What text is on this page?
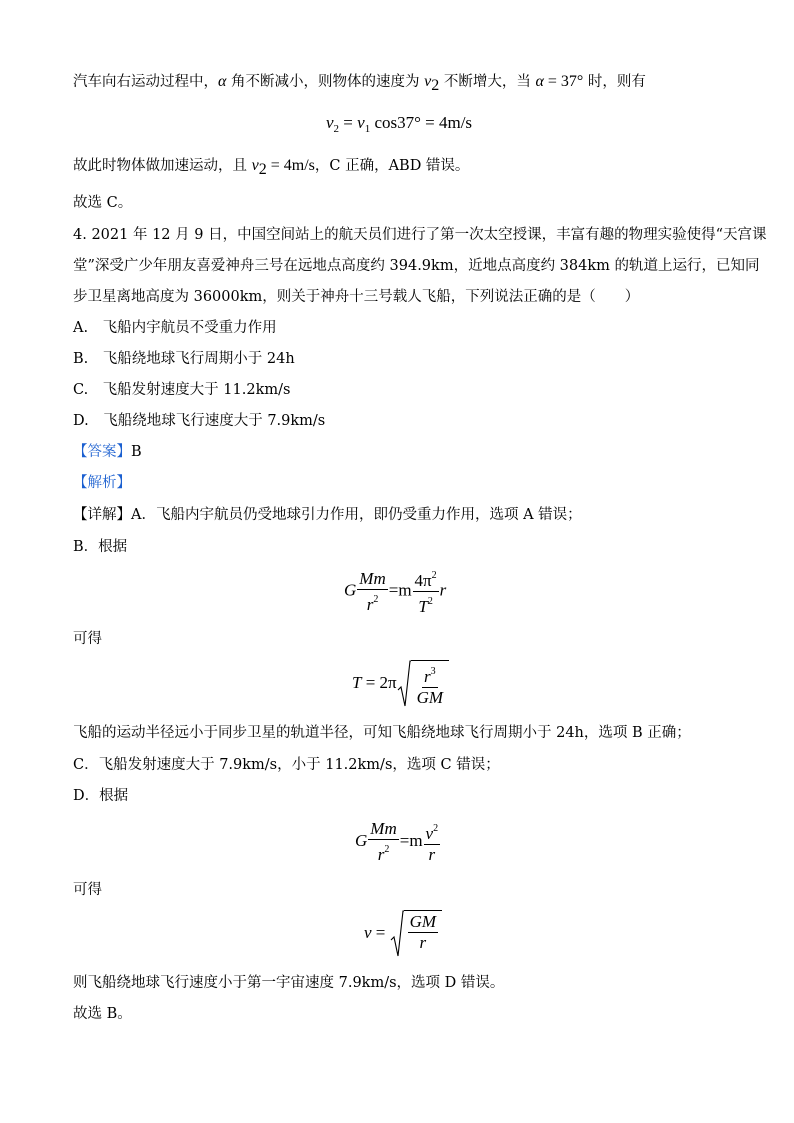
汽车向右运动过程中，α 角不断减小，则物体的速度为 v2 不断增大，当 α = 37° 时，则有
$v_2 = v_1$ cos37° = 4m/s
故此时物体做加速运动，且 v2 = 4m/s，C 正确，ABD 错误。
故选 C。
4. 2021 年 12 月 9 日，中国空间站上的航天员们进行了第一次太空授课，丰富有趣的物理实验使得“天宫课
堂”深受广少年朋友喜爱神舟三号在远地点高度约 394.9km，近地点高度约 384km 的轨道上运行，已知同
步卫星离地高度为 36000km，则关于神舟十三号载人飞船，下列说法正确的是（　　）
A.　飞船内宇航员不受重力作用
B.　飞船绕地球飞行周期小于 24h
C.　飞船发射速度大于 11.2km/s
D.　飞船绕地球飞行速度大于 7.9km/s
【答案】B
【解析】
【详解】A．飞船内宇航员仍受地球引力作用，即仍受重力作用，选项 A 错误；
B．根据
G $\frac{Mm}{r^2} =m \frac{4\pi^2}{T^2}$ r
可得
$T = 2\pi \frac{r^3}{GM}$
飞船的运动半径远小于同步卫星的轨道半径，可知飞船绕地球飞行周期小于 24h，选项 B 正确；
C．飞船发射速度大于 7.9km/s，小于 11.2km/s，选项 C 错误；
D．根据
G $\frac{Mm}{r^2} =m \frac{v^2}{r}$
可得
$v = \frac{GM}{r}$
则飞船绕地球飞行速度小于第一宇宙速度 7.9km/s，选项 D 错误。
故选 B。
